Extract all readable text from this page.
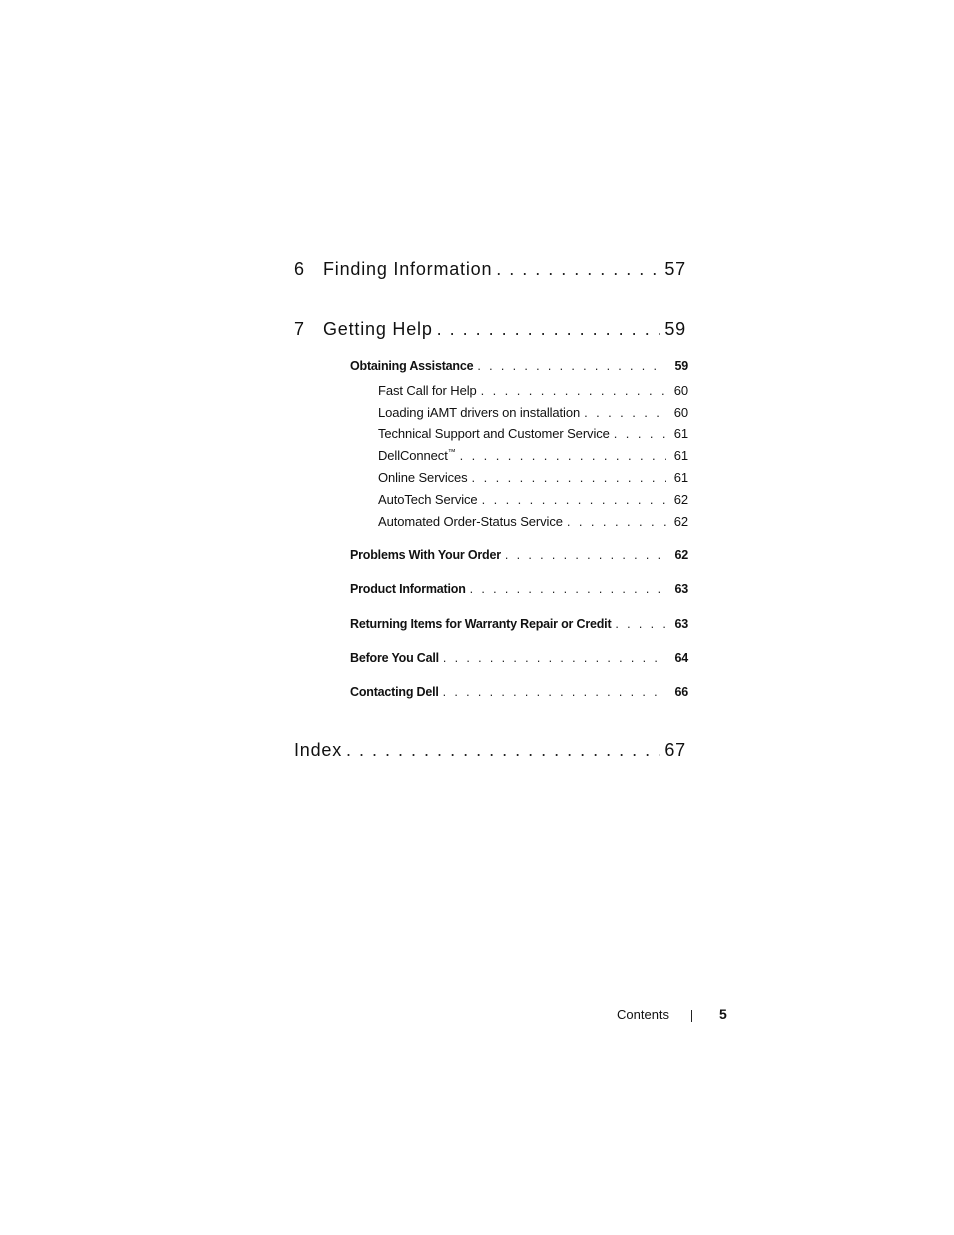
6	Finding Information . . .	57
7	Getting Help . . .	59
Obtaining Assistance . . .	59
Fast Call for Help . . .	60
Loading iAMT drivers on installation . . .	60
Technical Support and Customer Service . . .	61
DellConnect™ . . .	61
Online Services . . .	61
AutoTech Service . . .	62
Automated Order-Status Service . . .	62
Problems With Your Order . . .	62
Product Information . . .	63
Returning Items for Warranty Repair or Credit . . .	63
Before You Call . . .	64
Contacting Dell . . .	66
Index . . .	67
Contents	5
